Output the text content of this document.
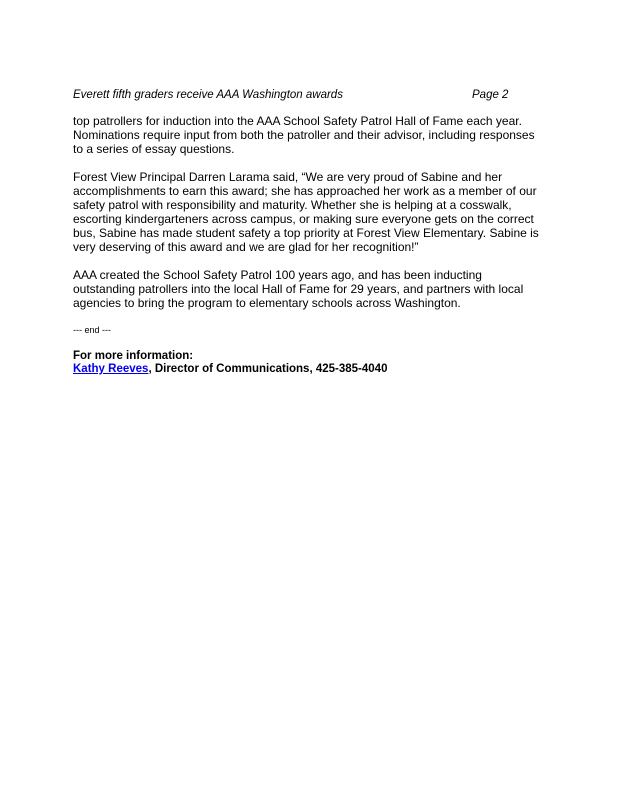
Everett fifth graders receive AAA Washington awards	Page 2

top patrollers for induction into the AAA School Safety Patrol Hall of Fame each year.
Nominations require input from both the patroller and their advisor, including responses
to a series of essay questions.

Forest View Principal Darren Larama said, “We are very proud of Sabine and her
accomplishments to earn this award; she has approached her work as a member of our
safety patrol with responsibility and maturity. Whether she is helping at a cosswalk,
escorting kindergarteners across campus, or making sure everyone gets on the correct
bus, Sabine has made student safety a top priority at Forest View Elementary. Sabine is
very deserving of this award and we are glad for her recognition!”

AAA created the School Safety Patrol 100 years ago, and has been inducting
outstanding patrollers into the local Hall of Fame for 29 years, and partners with local
agencies to bring the program to elementary schools across Washington.

--- end ---

For more information:
Kathy Reeves, Director of Communications, 425-385-4040
